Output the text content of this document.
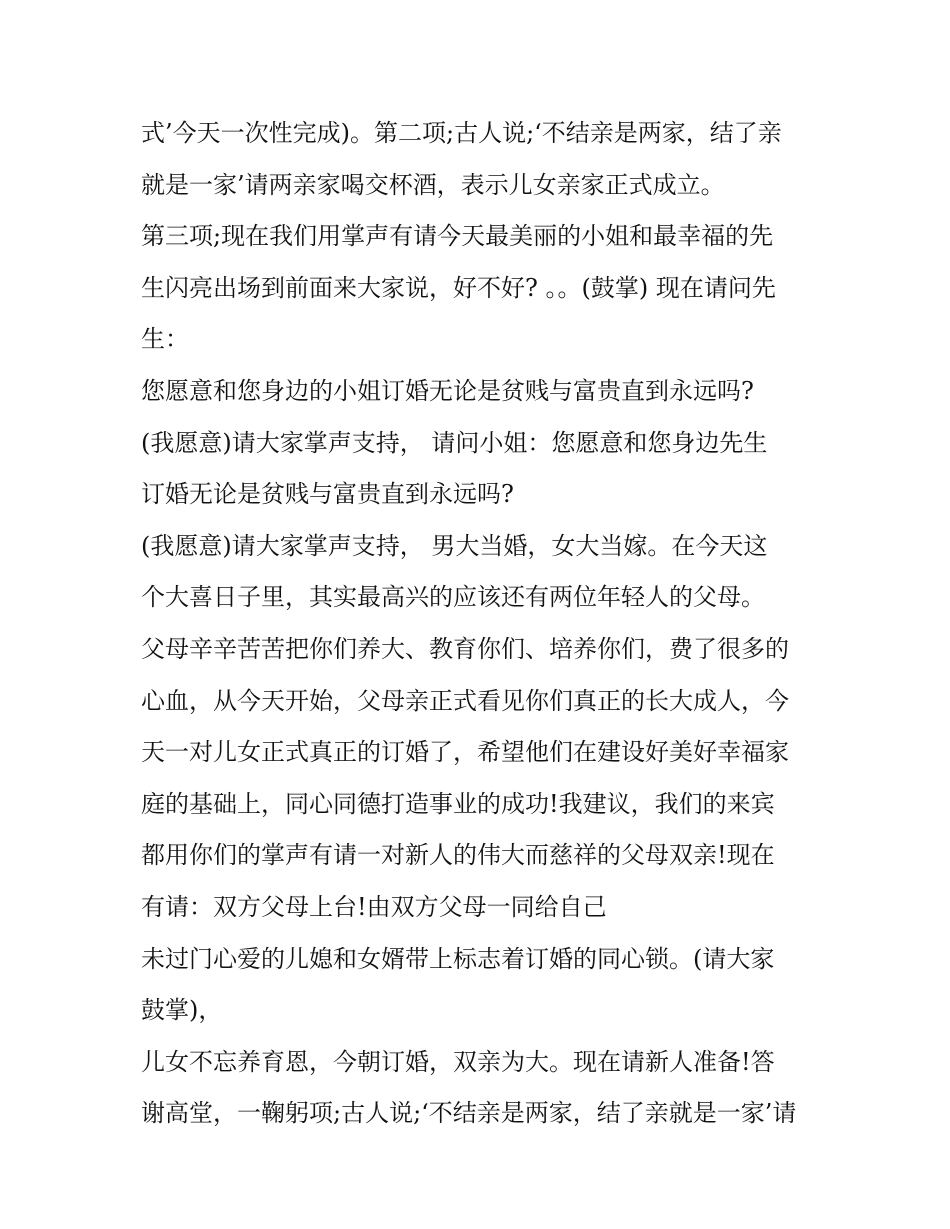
式’今天一次性完成)。第二项;古人说;‘不结亲是两家，结了亲
就是一家’请两亲家喝交杯酒，表示儿女亲家正式成立。
第三项;现在我们用掌声有请今天最美丽的小姐和最幸福的先
生闪亮出场到前面来大家说，好不好? 。。(鼓掌) 现在请问先
生：
您愿意和您身边的小姐订婚无论是贫贱与富贵直到永远吗?
(我愿意)请大家掌声支持， 请问小姐：您愿意和您身边先生
订婚无论是贫贱与富贵直到永远吗?
(我愿意)请大家掌声支持， 男大当婚，女大当嫁。在今天这
个大喜日子里，其实最高兴的应该还有两位年轻人的父母。
父母辛辛苦苦把你们养大、教育你们、培养你们，费了很多的
心血，从今天开始，父母亲正式看见你们真正的长大成人，今
天一对儿女正式真正的订婚了，希望他们在建设好美好幸福家
庭的基础上，同心同德打造事业的成功!我建议，我们的来宾
都用你们的掌声有请一对新人的伟大而慈祥的父母双亲!现在
有请：双方父母上台!由双方父母一同给自己
未过门心爱的儿媳和女婿带上标志着订婚的同心锁。(请大家
鼓掌)，
儿女不忘养育恩，今朝订婚，双亲为大。现在请新人准备!答
谢高堂，一鞠躬项;古人说;‘不结亲是两家，结了亲就是一家’请
